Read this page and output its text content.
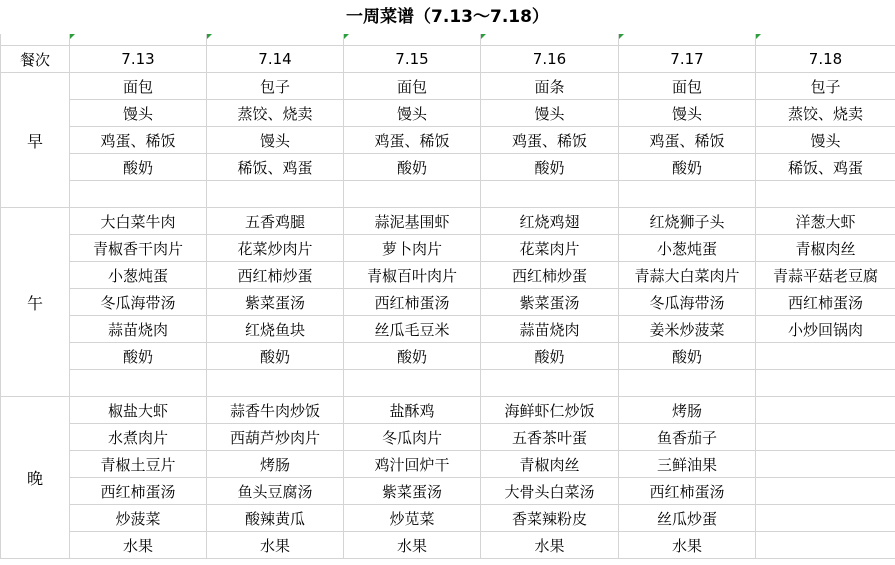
一周菜谱（7.13～7.18）

餐次	7.13	7.14	7.15	7.16	7.17	7.18
早	面包	包子	面包	面条	面包	包子
	馒头	蒸饺、烧卖	馒头	馒头	馒头	蒸饺、烧卖
	鸡蛋、稀饭	馒头	鸡蛋、稀饭	鸡蛋、稀饭	鸡蛋、稀饭	馒头
	酸奶	稀饭、鸡蛋	酸奶	酸奶	酸奶	稀饭、鸡蛋

午	大白菜牛肉	五香鸡腿	蒜泥基围虾	红烧鸡翅	红烧狮子头	洋葱大虾
	青椒香干肉片	花菜炒肉片	萝卜肉片	花菜肉片	小葱炖蛋	青椒肉丝
	小葱炖蛋	西红柿炒蛋	青椒百叶肉片	西红柿炒蛋	青蒜大白菜肉片	青蒜平菇老豆腐
	冬瓜海带汤	紫菜蛋汤	西红柿蛋汤	紫菜蛋汤	冬瓜海带汤	西红柿蛋汤
	蒜苗烧肉	红烧鱼块	丝瓜毛豆米	蒜苗烧肉	姜米炒菠菜	小炒回锅肉
	酸奶	酸奶	酸奶	酸奶	酸奶	

晚	椒盐大虾	蒜香牛肉炒饭	盐酥鸡	海鲜虾仁炒饭	烤肠	
	水煮肉片	西葫芦炒肉片	冬瓜肉片	五香茶叶蛋	鱼香茄子	
	青椒土豆片	烤肠	鸡汁回炉干	青椒肉丝	三鲜油果	
	西红柿蛋汤	鱼头豆腐汤	紫菜蛋汤	大骨头白菜汤	西红柿蛋汤	
	炒菠菜	酸辣黄瓜	炒苋菜	香菜辣粉皮	丝瓜炒蛋	
	水果	水果	水果	水果	水果	
